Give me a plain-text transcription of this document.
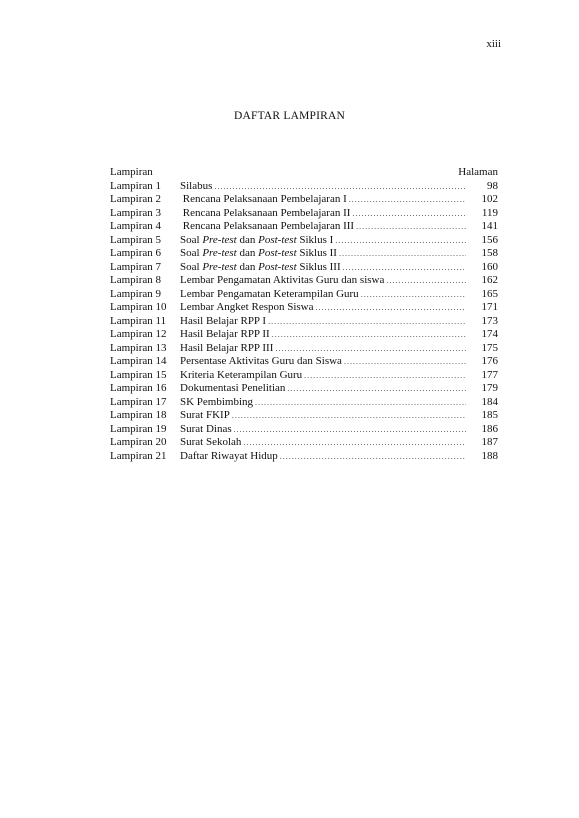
xiii
DAFTAR LAMPIRAN
Lampiran	Halaman
Lampiran 1	Silabus .....	98
Lampiran 2	Rencana Pelaksanaan Pembelajaran I .....	102
Lampiran 3	Rencana Pelaksanaan Pembelajaran II .....	119
Lampiran 4	Rencana Pelaksanaan Pembelajaran III .....	141
Lampiran 5	Soal Pre-test dan Post-test Siklus I .....	156
Lampiran 6	Soal Pre-test dan Post-test Siklus II .....	158
Lampiran 7	Soal Pre-test dan Post-test Siklus III .....	160
Lampiran 8	Lembar Pengamatan Aktivitas Guru dan siswa .....	162
Lampiran 9	Lembar Pengamatan Keterampilan Guru .....	165
Lampiran 10	Lembar Angket Respon Siswa .....	171
Lampiran 11	Hasil Belajar RPP I .....	173
Lampiran 12	Hasil Belajar RPP II .....	174
Lampiran 13	Hasil Belajar RPP III .....	175
Lampiran 14	Persentase Aktivitas Guru dan Siswa .....	176
Lampiran 15	Kriteria Keterampilan Guru .....	177
Lampiran 16	Dokumentasi Penelitian .....	179
Lampiran 17	SK Pembimbing .....	184
Lampiran 18	Surat FKIP .....	185
Lampiran 19	Surat Dinas .....	186
Lampiran 20	Surat Sekolah .....	187
Lampiran 21	Daftar Riwayat Hidup .....	188
